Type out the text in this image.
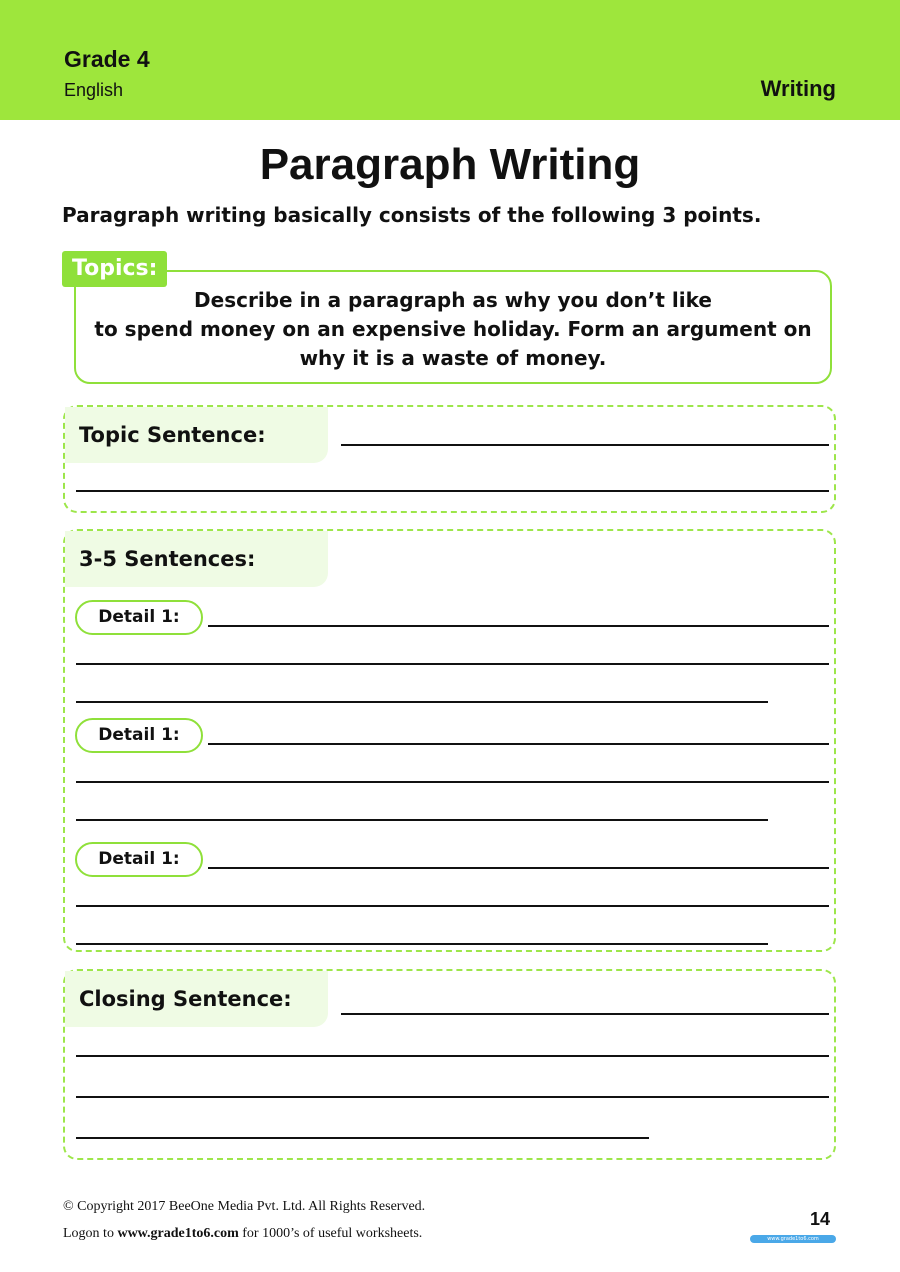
Grade 4
English	Writing
Paragraph Writing
Paragraph writing basically consists of the following 3 points.
Describe in a paragraph as why you don’t like
to spend money on an expensive holiday. Form an argument on
why it is a waste of money.
Topics:
Topic Sentence:
3-5 Sentences:
Detail 1:
Detail 1:
Detail 1:
Closing Sentence:
© Copyright 2017 BeeOne Media Pvt. Ltd. All Rights Reserved.
Logon to www.grade1to6.com for 1000’s of useful worksheets.
14
www.grade1to6.com
